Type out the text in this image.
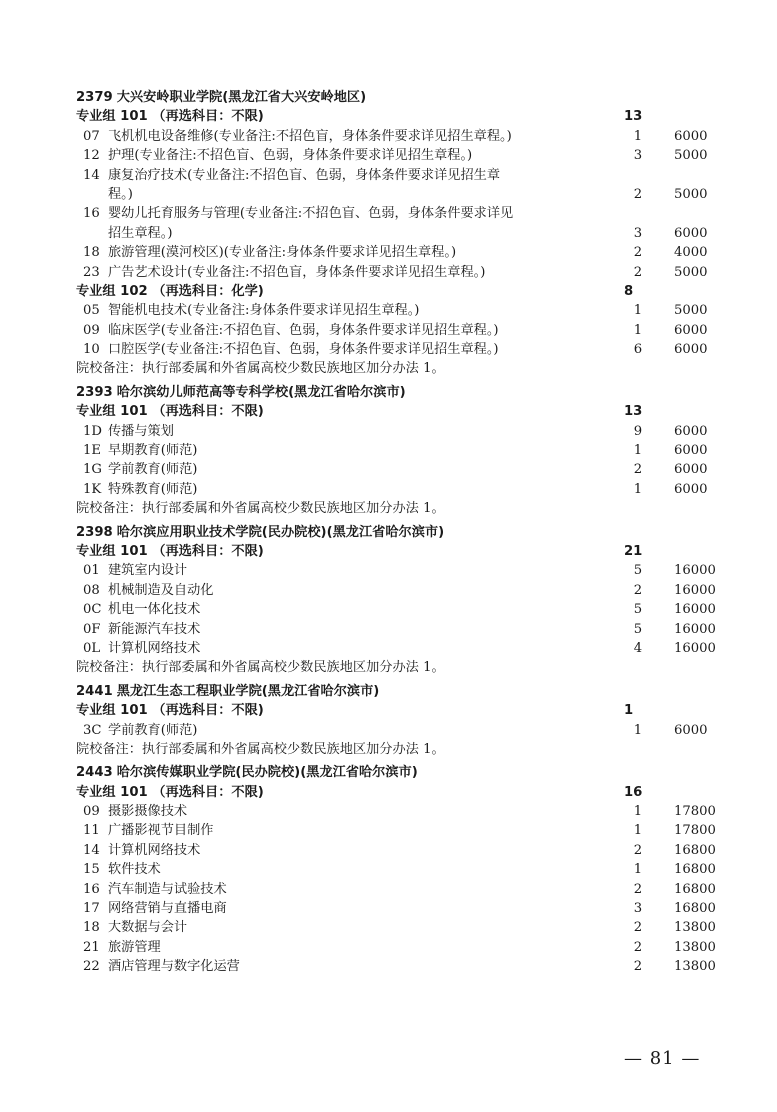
2379 大兴安岭职业学院(黑龙江省大兴安岭地区)
专业组 101 （再选科目：不限)	13
07 飞机机电设备维修(专业备注:不招色盲，身体条件要求详见招生章程。)	1 6000
12 护理(专业备注:不招色盲、色弱，身体条件要求详见招生章程。)	3 5000
14 康复治疗技术(专业备注:不招色盲、色弱，身体条件要求详见招生章
程。)	2 5000
16 婴幼儿托育服务与管理(专业备注:不招色盲、色弱，身体条件要求详见
招生章程。)	3 6000
18 旅游管理(漠河校区)(专业备注:身体条件要求详见招生章程。)	2 4000
23 广告艺术设计(专业备注:不招色盲，身体条件要求详见招生章程。)	2 5000
专业组 102 （再选科目：化学)	8
05 智能机电技术(专业备注:身体条件要求详见招生章程。)	1 5000
09 临床医学(专业备注:不招色盲、色弱，身体条件要求详见招生章程。)	1 6000
10 口腔医学(专业备注:不招色盲、色弱，身体条件要求详见招生章程。)	6 6000
院校备注：执行部委属和外省属高校少数民族地区加分办法 1。
2393 哈尔滨幼儿师范高等专科学校(黑龙江省哈尔滨市)
专业组 101 （再选科目：不限)	13
1D 传播与策划	9 6000
1E 早期教育(师范)	1 6000
1G 学前教育(师范)	2 6000
1K 特殊教育(师范)	1 6000
院校备注：执行部委属和外省属高校少数民族地区加分办法 1。
2398 哈尔滨应用职业技术学院(民办院校)(黑龙江省哈尔滨市)
专业组 101 （再选科目：不限)	21
01 建筑室内设计	5 16000
08 机械制造及自动化	2 16000
0C 机电一体化技术	5 16000
0F 新能源汽车技术	5 16000
0L 计算机网络技术	4 16000
院校备注：执行部委属和外省属高校少数民族地区加分办法 1。
2441 黑龙江生态工程职业学院(黑龙江省哈尔滨市)
专业组 101 （再选科目：不限)	1
3C 学前教育(师范)	1 6000
院校备注：执行部委属和外省属高校少数民族地区加分办法 1。
2443 哈尔滨传媒职业学院(民办院校)(黑龙江省哈尔滨市)
专业组 101 （再选科目：不限)	16
09 摄影摄像技术	1 17800
11 广播影视节目制作	1 17800
14 计算机网络技术	2 16800
15 软件技术	1 16800
16 汽车制造与试验技术	2 16800
17 网络营销与直播电商	3 16800
18 大数据与会计	2 13800
21 旅游管理	2 13800
22 酒店管理与数字化运营	2 13800
— 81 —
